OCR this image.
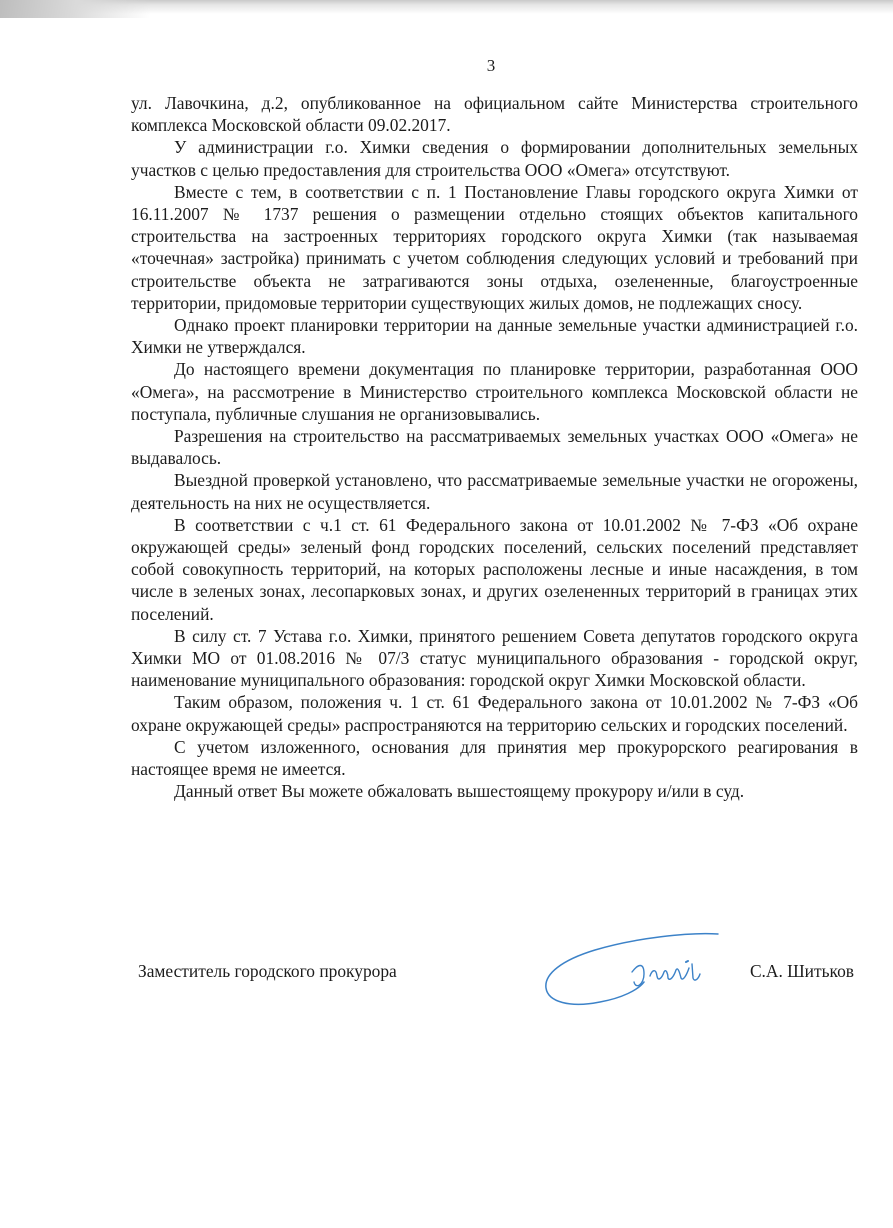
3

ул. Лавочкина, д.2, опубликованное на официальном сайте Министерства строительного комплекса Московской области 09.02.2017.

У администрации г.о. Химки сведения о формировании дополнительных земельных участков с целью предоставления для строительства ООО «Омега» отсутствуют.

Вместе с тем, в соответствии с п. 1 Постановление Главы городского округа Химки от 16.11.2007 № 1737 решения о размещении отдельно стоящих объектов капитального строительства на застроенных территориях городского округа Химки (так называемая «точечная» застройка) принимать с учетом соблюдения следующих условий и требований при строительстве объекта не затрагиваются зоны отдыха, озелененные, благоустроенные территории, придомовые территории существующих жилых домов, не подлежащих сносу.

Однако проект планировки территории на данные земельные участки администрацией г.о. Химки не утверждался.

До настоящего времени документация по планировке территории, разработанная ООО «Омега», на рассмотрение в Министерство строительного комплекса Московской области не поступала, публичные слушания не организовывались.

Разрешения на строительство на рассматриваемых земельных участках ООО «Омега» не выдавалось.

Выездной проверкой установлено, что рассматриваемые земельные участки не огорожены, деятельность на них не осуществляется.

В соответствии с ч.1 ст. 61 Федерального закона от 10.01.2002 № 7-ФЗ «Об охране окружающей среды» зеленый фонд городских поселений, сельских поселений представляет собой совокупность территорий, на которых расположены лесные и иные насаждения, в том числе в зеленых зонах, лесопарковых зонах, и других озелененных территорий в границах этих поселений.

В силу ст. 7 Устава г.о. Химки, принятого решением Совета депутатов городского округа Химки МО от 01.08.2016 № 07/3 статус муниципального образования - городской округ, наименование муниципального образования: городской округ Химки Московской области.

Таким образом, положения ч. 1 ст. 61 Федерального закона от 10.01.2002 № 7-ФЗ «Об охране окружающей среды» распространяются на территорию сельских и городских поселений.

С учетом изложенного, основания для принятия мер прокурорского реагирования в настоящее время не имеется.

Данный ответ Вы можете обжаловать вышестоящему прокурору и/или в суд.

Заместитель городского прокурора	С.А. Шитьков
